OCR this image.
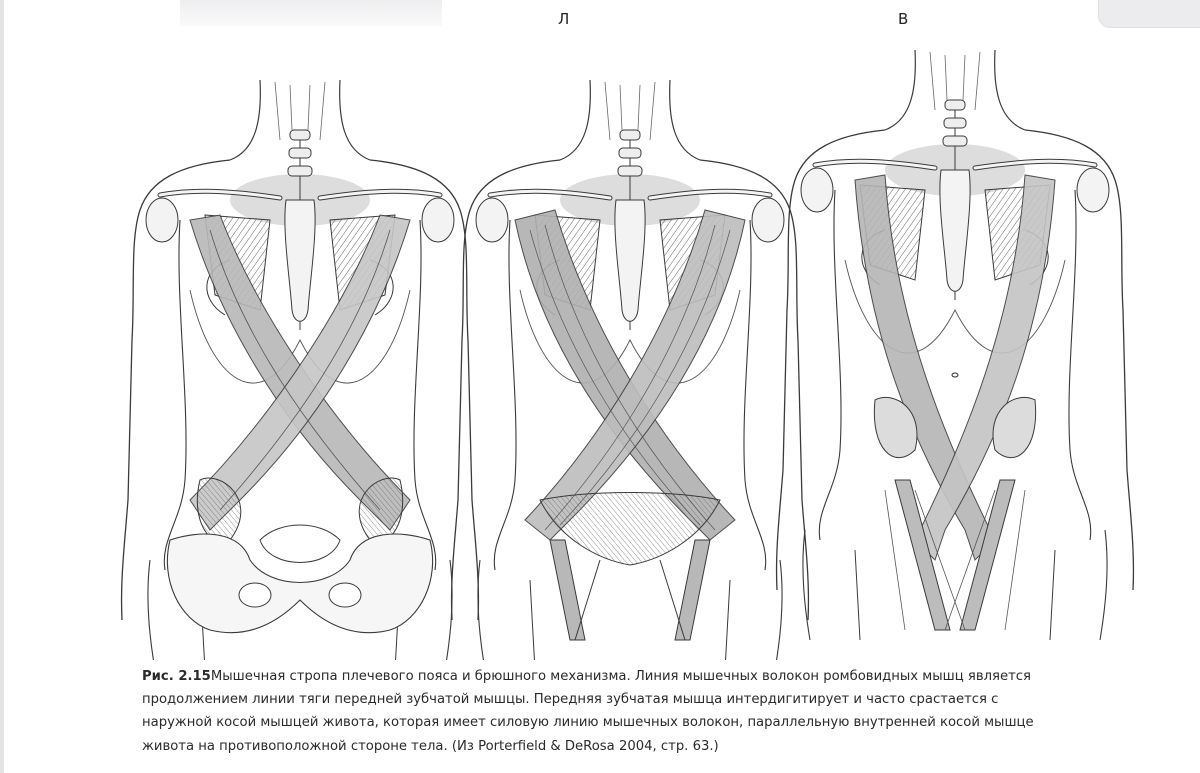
Л	В
Рис. 2.15Мышечная стропа плечевого пояса и брюшного механизма. Линия мышечных волокон ромбовидных мышц является продолжением линии тяги передней зубчатой мышцы. Передняя зубчатая мышца интердигитирует и часто срастается с наружной косой мышцей живота, которая имеет силовую линию мышечных волокон, параллельную внутренней косой мышце живота на противоположной стороне тела. (Из Porterfield & DeRosa 2004, стр. 63.)
